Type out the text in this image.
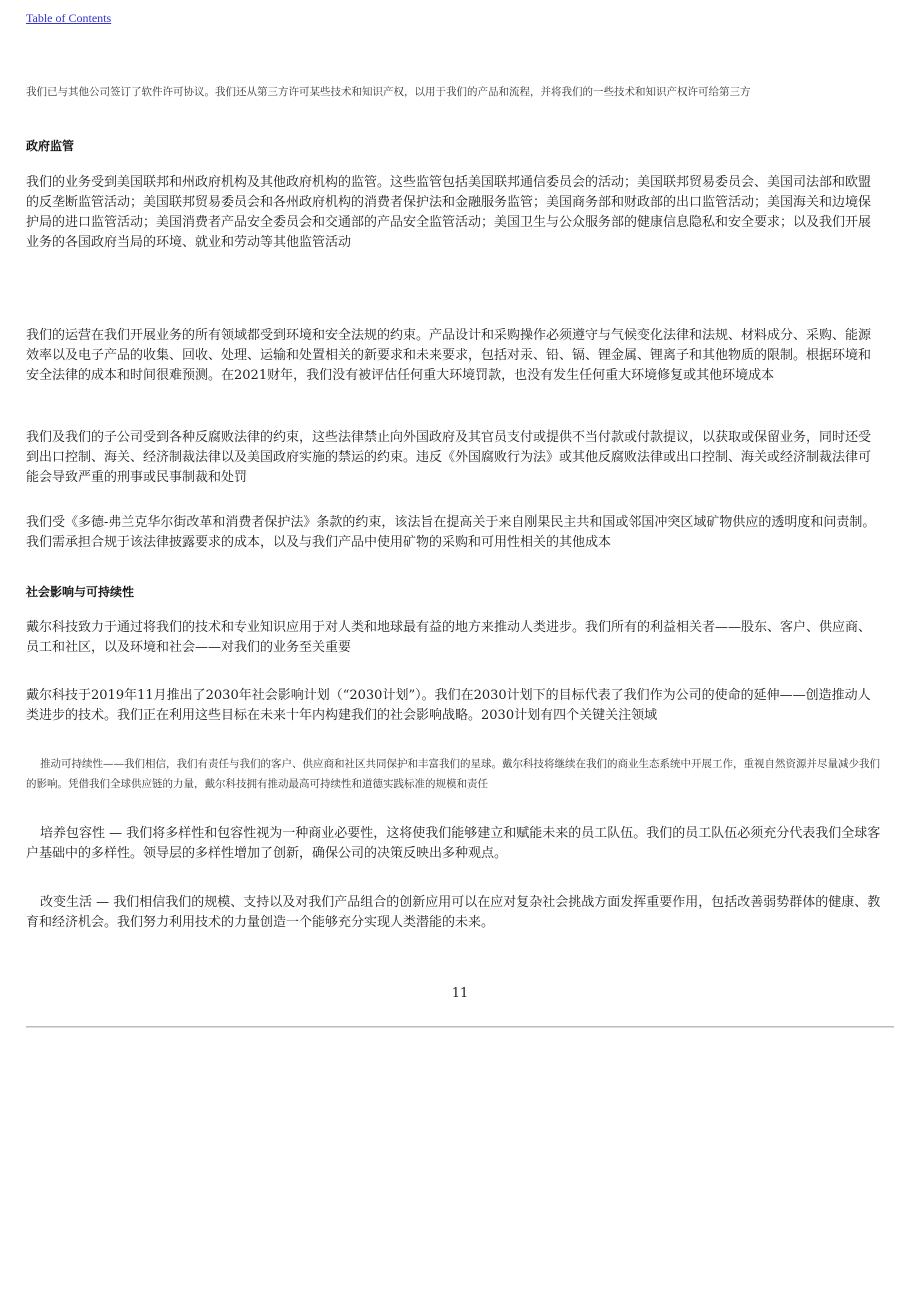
Table of Contents

我们已与其他公司签订了软件许可协议。我们还从第三方许可某些技术和知识产权，以用于我们的产品和流程，并将我们的一些技术和知识产权许可给第三方

政府监管

我们的业务受到美国联邦和州政府机构及其他政府机构的监管。这些监管包括美国联邦通信委员会的活动；美国联邦贸易委员会、美国司法部和欧盟的反垄断监管活动；美国联邦贸易委员会和各州政府机构的消费者保护法和金融服务监管；美国商务部和财政部的出口监管活动；美国海关和边境保护局的进口监管活动；美国消费者产品安全委员会和交通部的产品安全监管活动；美国卫生与公众服务部的健康信息隐私和安全要求；以及我们开展业务的各国政府当局的环境、就业和劳动等其他监管活动

我们的运营在我们开展业务的所有领域都受到环境和安全法规的约束。产品设计和采购操作必须遵守与气候变化法律和法规、材料成分、采购、能源效率以及电子产品的收集、回收、处理、运输和处置相关的新要求和未来要求，包括对汞、铅、镉、锂金属、锂离子和其他物质的限制。根据环境和安全法律的成本和时间很难预测。在2021财年，我们没有被评估任何重大环境罚款，也没有发生任何重大环境修复或其他环境成本

我们及我们的子公司受到各种反腐败法律的约束，这些法律禁止向外国政府及其官员支付或提供不当付款或付款提议，以获取或保留业务，同时还受到出口控制、海关、经济制裁法律以及美国政府实施的禁运的约束。违反《外国腐败行为法》或其他反腐败法律或出口控制、海关或经济制裁法律可能会导致严重的刑事或民事制裁和处罚

我们受《多德-弗兰克华尔街改革和消费者保护法》条款的约束，该法旨在提高关于来自刚果民主共和国或邻国冲突区域矿物供应的透明度和问责制。我们需承担合规于该法律披露要求的成本，以及与我们产品中使用矿物的采购和可用性相关的其他成本

社会影响与可持续性

戴尔科技致力于通过将我们的技术和专业知识应用于对人类和地球最有益的地方来推动人类进步。我们所有的利益相关者——股东、客户、供应商、员工和社区，以及环境和社会——对我们的业务至关重要

戴尔科技于2019年11月推出了2030年社会影响计划（“2030计划”）。我们在2030计划下的目标代表了我们作为公司的使命的延伸——创造推动人类进步的技术。我们正在利用这些目标在未来十年内构建我们的社会影响战略。2030计划有四个关键关注领域

推动可持续性——我们相信，我们有责任与我们的客户、供应商和社区共同保护和丰富我们的星球。戴尔科技将继续在我们的商业生态系统中开展工作，重视自然资源并尽量减少我们的影响。凭借我们全球供应链的力量，戴尔科技拥有推动最高可持续性和道德实践标准的规模和责任

培养包容性 — 我们将多样性和包容性视为一种商业必要性，这将使我们能够建立和赋能未来的员工队伍。我们的员工队伍必须充分代表我们全球客户基础中的多样性。领导层的多样性增加了创新，确保公司的决策反映出多种观点。

改变生活 — 我们相信我们的规模、支持以及对我们产品组合的创新应用可以在应对复杂社会挑战方面发挥重要作用，包括改善弱势群体的健康、教育和经济机会。我们努力利用技术的力量创造一个能够充分实现人类潜能的未来。

11
